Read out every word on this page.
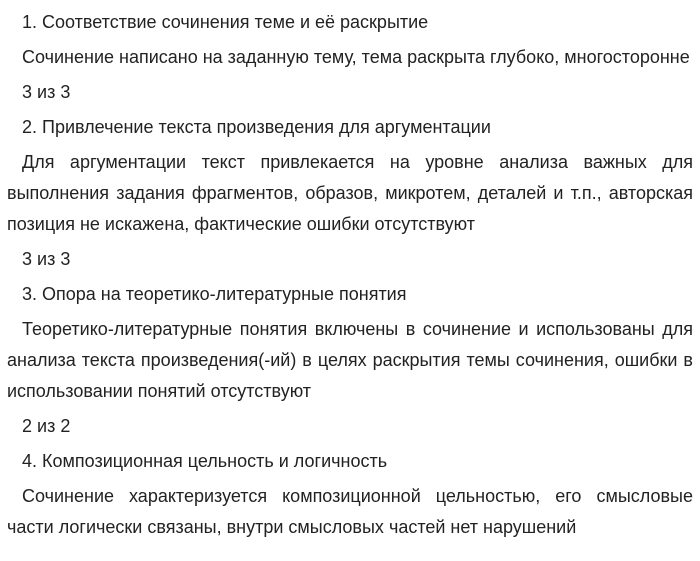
1. Соответствие сочинения теме и её раскрытие

Сочинение написано на заданную тему, тема раскрыта глубоко, многосторонне

3 из 3

2. Привлечение текста произведения для аргументации

Для аргументации текст привлекается на уровне анализа важных для выполнения задания фрагментов, образов, микротем, деталей и т.п., авторская позиция не искажена, фактические ошибки отсутствуют

3 из 3

3. Опора на теоретико-литературные понятия

Теоретико-литературные понятия включены в сочинение и использованы для анализа текста произведения(-ий) в целях раскрытия темы сочинения, ошибки в использовании понятий отсутствуют

2 из 2

4. Композиционная цельность и логичность

Сочинение характеризуется композиционной цельностью, его смысловые части логически связаны, внутри смысловых частей нет нарушений
